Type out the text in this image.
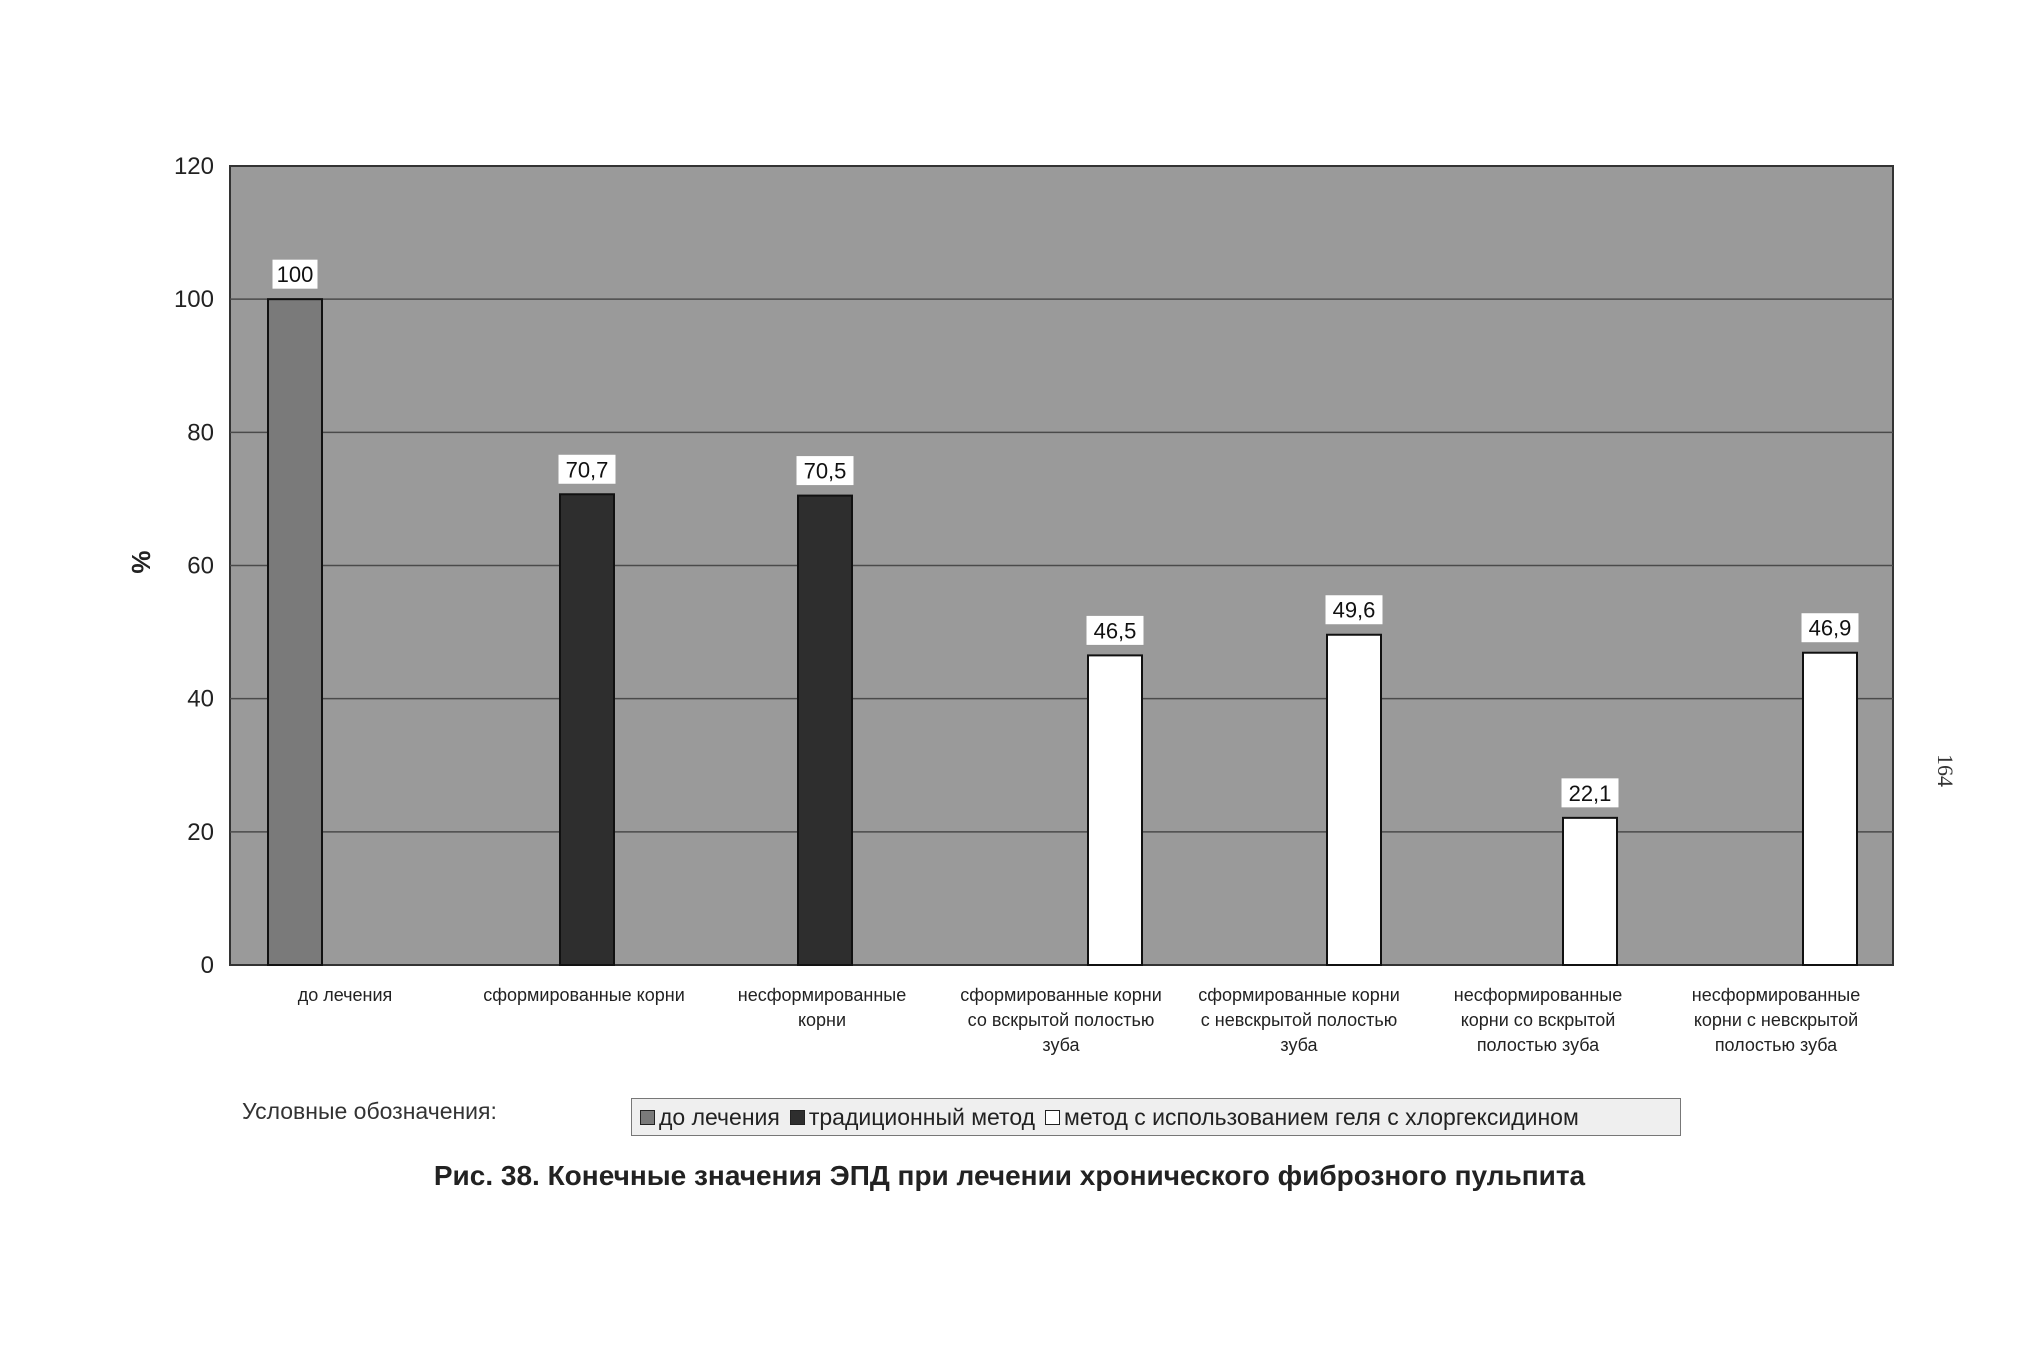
0
20
40
60
80
100
120
%
100
70,7	70,5
46,5
49,6
22,1
46,9
до лечения	сформированные корни	несформированные
корни
сформированные корни
со вскрытой полостью
зуба
сформированные корни
с невскрытой полостью
зуба
несформированные
корни со вскрытой
полостью зуба
несформированные
корни с невскрытой
полостью зуба
Условные обозначения:	до лечения традиционный метод метод с использованием геля с хлоргексидином
Рис. 38. Конечные значения ЭПД при лечении хронического фиброзного пульпита
164
